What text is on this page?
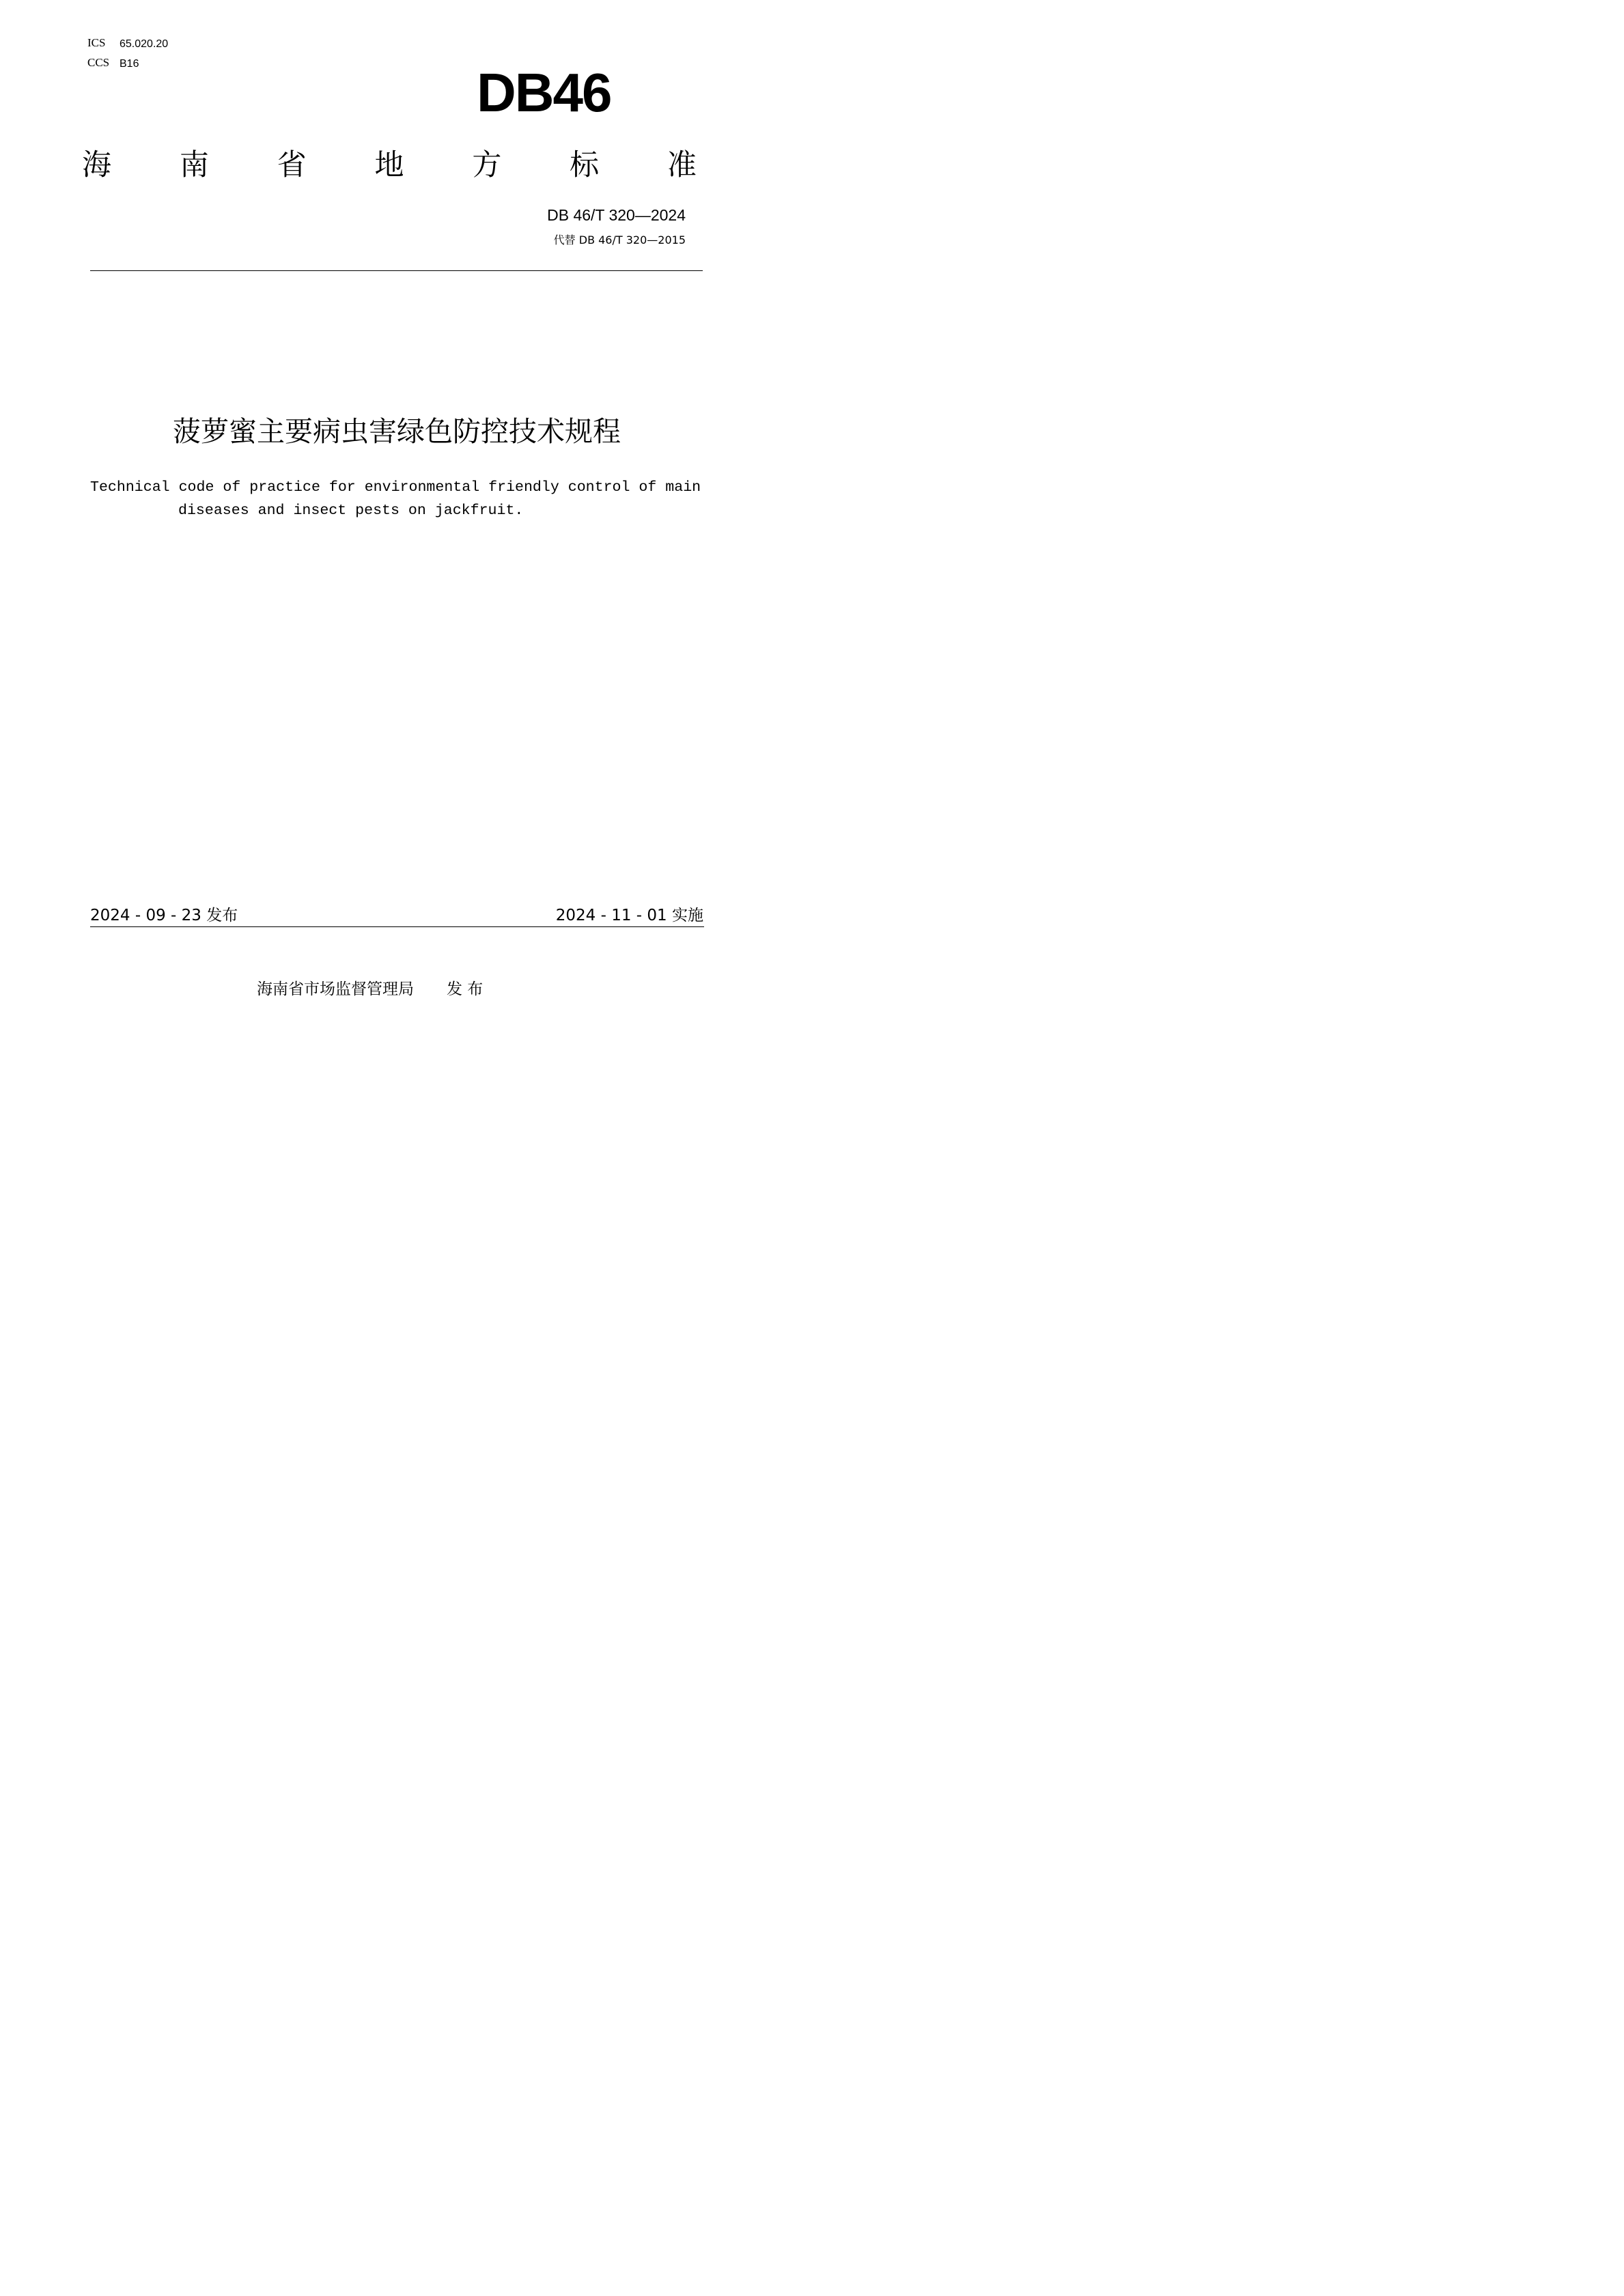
ICS 65.020.20
CCS B16	DB46
海 南 省 地 方 标 准
DB 46/T 320—2024
代替 DB 46/T 320—2015
菠萝蜜主要病虫害绿色防控技术规程
Technical code of practice for environmental friendly control of main
diseases and insect pests on jackfruit.
2024 - 09 - 23 发布	2024 - 11 - 01 实施
海南省市场监督管理局 发 布
